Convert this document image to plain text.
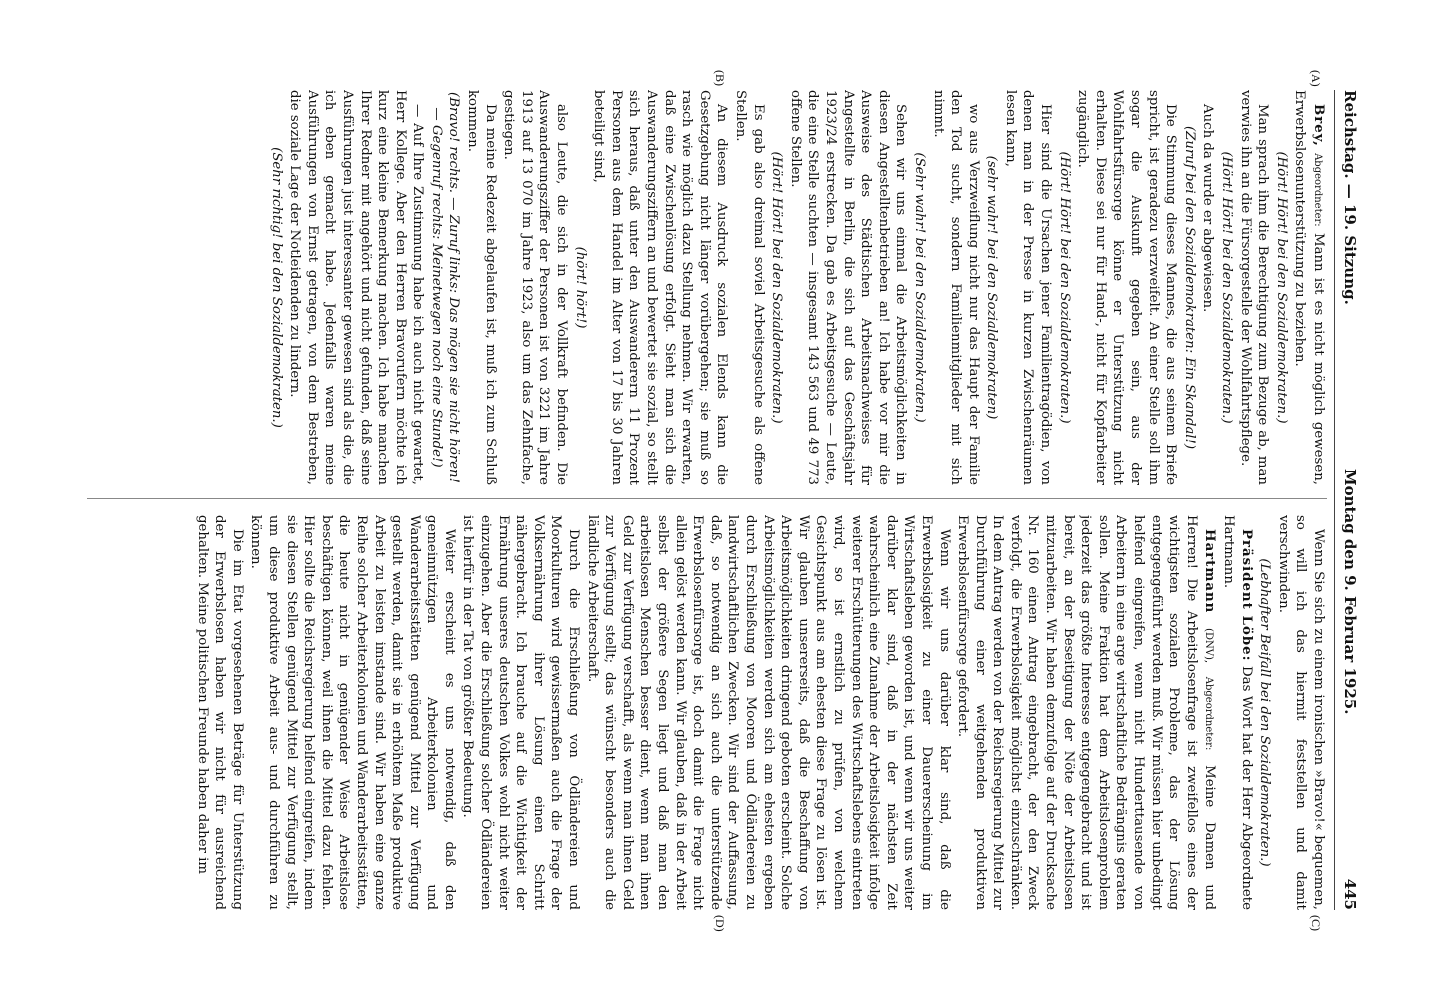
Reichstag. — 19. Sitzung.
Montag den 9. Februar 1925.
445
(A)
(B)
(C)
(D)

Brey, Abgeordneter: Mann ist es nicht möglich gewesen, Erwerbslosenunterstützung zu beziehen.

(Hört! Hört! bei den Sozialdemokraten.)

Man sprach ihm die Berechtigung zum Bezuge ab, man verwies ihn an die Fürsorgestelle der Wohlfahrtspflege.

(Hört! Hört! bei den Sozialdemokraten.)

Auch da wurde er abgewiesen.

(Zuruf bei den Sozialdemokraten: Ein Skandal!)

Die Stimmung dieses Mannes, die aus seinem Briefe spricht, ist geradezu verzweifelt. An einer Stelle soll ihm sogar die Auskunft gegeben sein, aus der Wohlfahrtsfürsorge könne er Unterstützung nicht erhalten. Diese sei nur für Hand-, nicht für Kopfarbeiter zugänglich.

(Hört! Hört! bei den Sozialdemokraten.)

Hier sind die Ursachen jener Familientragödien, von denen man in der Presse in kurzen Zwischenräumen lesen kann,

(sehr wahr! bei den Sozialdemokraten)

wo aus Verzweiflung nicht nur das Haupt der Familie den Tod sucht, sondern Familienmitglieder mit sich nimmt.

(Sehr wahr! bei den Sozialdemokraten.)

Sehen wir uns einmal die Arbeitsmöglichkeiten in diesen Angestelltenbetrieben an! Ich habe vor mir die Ausweise des Städtischen Arbeitsnachweises für Angestellte in Berlin, die sich auf das Geschäftsjahr 1923/24 erstrecken. Da gab es Arbeitsgesuche — Leute, die eine Stelle suchten — insgesamt 143 563 und 49 773 offene Stellen.

(Hört! Hört! bei den Sozialdemokraten.)

Es gab also dreimal soviel Arbeitsgesuche als offene Stellen.

An diesem Ausdruck sozialen Elends kann die Gesetzgebung nicht länger vorübergehen; sie muß so rasch wie möglich dazu Stellung nehmen. Wir erwarten, daß eine Zwischenlösung erfolgt. Sieht man sich die Auswanderungsziffern an und bewertet sie sozial, so stellt sich heraus, daß unter den Auswanderern 11 Prozent Personen aus dem Handel im Alter von 17 bis 30 Jahren beteiligt sind,

(hört! hört!)

also Leute, die sich in der Vollkraft befinden. Die Auswanderungsziffer der Personen ist von 3221 im Jahre 1913 auf 13 070 im Jahre 1923, also um das Zehnfache, gestiegen.

Da meine Redezeit abgelaufen ist, muß ich zum Schluß kommen.

(Bravo! rechts. — Zuruf links: Das mögen sie nicht hören! — Gegenruf rechts: Meinetwegen noch eine Stunde!)

— Auf Ihre Zustimmung habe ich auch nicht gewartet, Herr Kollege. Aber den Herren Bravorufern möchte ich kurz eine kleine Bemerkung machen. Ich habe manchen Ihrer Redner mit angehört und nicht gefunden, daß seine Ausführungen just interessanter gewesen sind als die, die ich eben gemacht habe. Jedenfalls waren meine Ausführungen von Ernst getragen, von dem Bestreben, die soziale Lage der Notleidenden zu lindern.

(Sehr richtig! bei den Sozialdemokraten.)

Wenn Sie sich zu einem ironischen »Bravo!« bequemen, so will ich das hiermit feststellen und damit verschwinden.

(Lebhafter Beifall bei den Sozialdemokraten.)

Präsident Löbe: Das Wort hat der Herr Abgeordnete Hartmann.

Hartmann (DNV), Abgeordneter: Meine Damen und Herren! Die Arbeitslosenfrage ist zweifellos eines der wichtigsten sozialen Probleme, das der Lösung entgegengeführt werden muß. Wir müssen hier unbedingt helfend eingreifen, wenn nicht Hunderttausende von Arbeitern in eine arge wirtschaftliche Bedrängnis geraten sollen. Meine Fraktion hat dem Arbeitslosenproblem jederzeit das größte Interesse entgegengebracht und ist bereit, an der Beseitigung der Nöte der Arbeitslosen mitzuarbeiten. Wir haben demzufolge auf der Drucksache Nr. 160 einen Antrag eingebracht, der den Zweck verfolgt, die Erwerbslosigkeit möglichst einzuschränken. In dem Antrag werden von der Reichsregierung Mittel zur Durchführung einer weitgehenden produktiven Erwerbslosenfürsorge gefordert.

Wenn wir uns darüber klar sind, daß die Erwerbslosigkeit zu einer Dauererscheinung im Wirtschaftsleben geworden ist, und wenn wir uns weiter darüber klar sind, daß in der nächsten Zeit wahrscheinlich eine Zunahme der Arbeitslosigkeit infolge weiterer Erschütterungen des Wirtschaftslebens eintreten wird, so ist ernstlich zu prüfen, von welchem Gesichtspunkt aus am ehesten diese Frage zu lösen ist. Wir glauben unsererseits, daß die Beschaffung von Arbeitsmöglichkeiten dringend geboten erscheint. Solche Arbeitsmöglichkeiten werden sich am ehesten ergeben durch Erschließung von Mooren und Ödländereien zu landwirtschaftlichen Zwecken. Wir sind der Auffassung, daß, so notwendig an sich auch die unterstützende Erwerbslosenfürsorge ist, doch damit die Frage nicht allein gelöst werden kann. Wir glauben, daß in der Arbeit selbst der größere Segen liegt und daß man den arbeitslosen Menschen besser dient, wenn man ihnen Geld zur Verfügung verschafft, als wenn man ihnen Geld zur Verfügung stellt; das wünscht besonders auch die ländliche Arbeiterschaft.

Durch die Erschließung von Ödländereien und Moorkulturen wird gewissermaßen auch die Frage der Volksernährung ihrer Lösung einen Schritt nähergebracht. Ich brauche auf die Wichtigkeit der Ernährung unseres deutschen Volkes wohl nicht weiter einzugehen. Aber die Erschließung solcher Ödländereien ist hierfür in der Tat von größter Bedeutung.

Weiter erscheint es uns notwendig, daß den gemeinnützigen Arbeiterkolonien und Wanderarbeitsstätten genügend Mittel zur Verfügung gestellt werden, damit sie in erhöhtem Maße produktive Arbeit zu leisten imstande sind. Wir haben eine ganze Reihe solcher Arbeiterkolonien und Wanderarbeitsstätten, die heute nicht in genügender Weise Arbeitslose beschäftigen können, weil ihnen die Mittel dazu fehlen. Hier sollte die Reichsregierung helfend eingreifen, indem sie diesen Stellen genügend Mittel zur Verfügung stellt, um diese produktive Arbeit aus- und durchführen zu können.

Die im Etat vorgesehenen Beträge für Unterstützung der Erwerbslosen haben wir nicht für ausreichend gehalten. Meine politischen Freunde haben daher im
